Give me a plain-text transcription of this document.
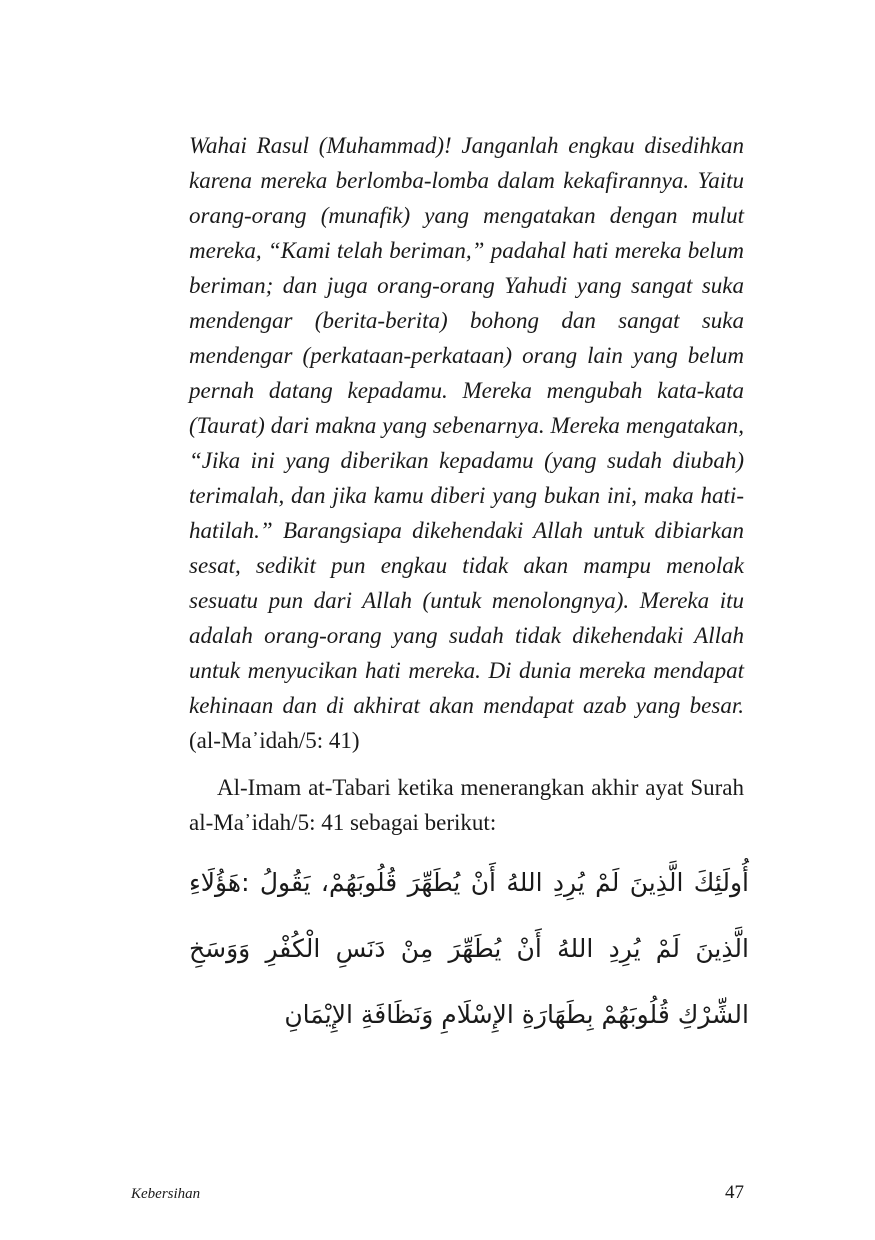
Wahai Rasul (Muhammad)! Janganlah engkau disedihkan karena mereka berlomba-lomba dalam kekafirannya. Yaitu orang-orang (munafik) yang mengatakan dengan mulut mereka, “Kami telah beriman,” padahal hati mereka belum beriman; dan juga orang-orang Yahudi yang sangat suka mendengar (berita-berita) bohong dan sangat suka mendengar (perkataan-perkataan) orang lain yang belum pernah datang kepadamu. Mereka mengubah kata-kata (Taurat) dari makna yang sebenarnya. Mereka mengatakan, “Jika ini yang diberikan kepadamu (yang sudah diubah) terimalah, dan jika kamu diberi yang bukan ini, maka hati-hatilah.” Barangsiapa dikehendaki Allah untuk dibiarkan sesat, sedikit pun engkau tidak akan mampu menolak sesuatu pun dari Allah (untuk menolongnya). Mereka itu adalah orang-orang yang sudah tidak dikehendaki Allah untuk menyucikan hati mereka. Di dunia mereka mendapat kehinaan dan di akhirat akan mendapat azab yang besar. (al-Ma᾽idah/5: 41)
Al-Imam at-Tabari ketika menerangkan akhir ayat Surah al-Ma᾽idah/5: 41 sebagai berikut:
أُولَئِكَ الَّذِينَ لَمْ يُرِدِ اللهُ أَنْ يُطَهِّرَ قُلُوبَهُمْ، يَقُولُ :هَؤُلَاءِ الَّذِينَ لَمْ يُرِدِ اللهُ أَنْ يُطَهِّرَ مِنْ دَنَسِ الْكُفْرِ وَوَسَخِ الشِّرْكِ قُلُوبَهُمْ بِطَهَارَةِ الإِسْلَامِ وَنَظَافَةِ الإِيْمَانِ
Kebersihan	47
